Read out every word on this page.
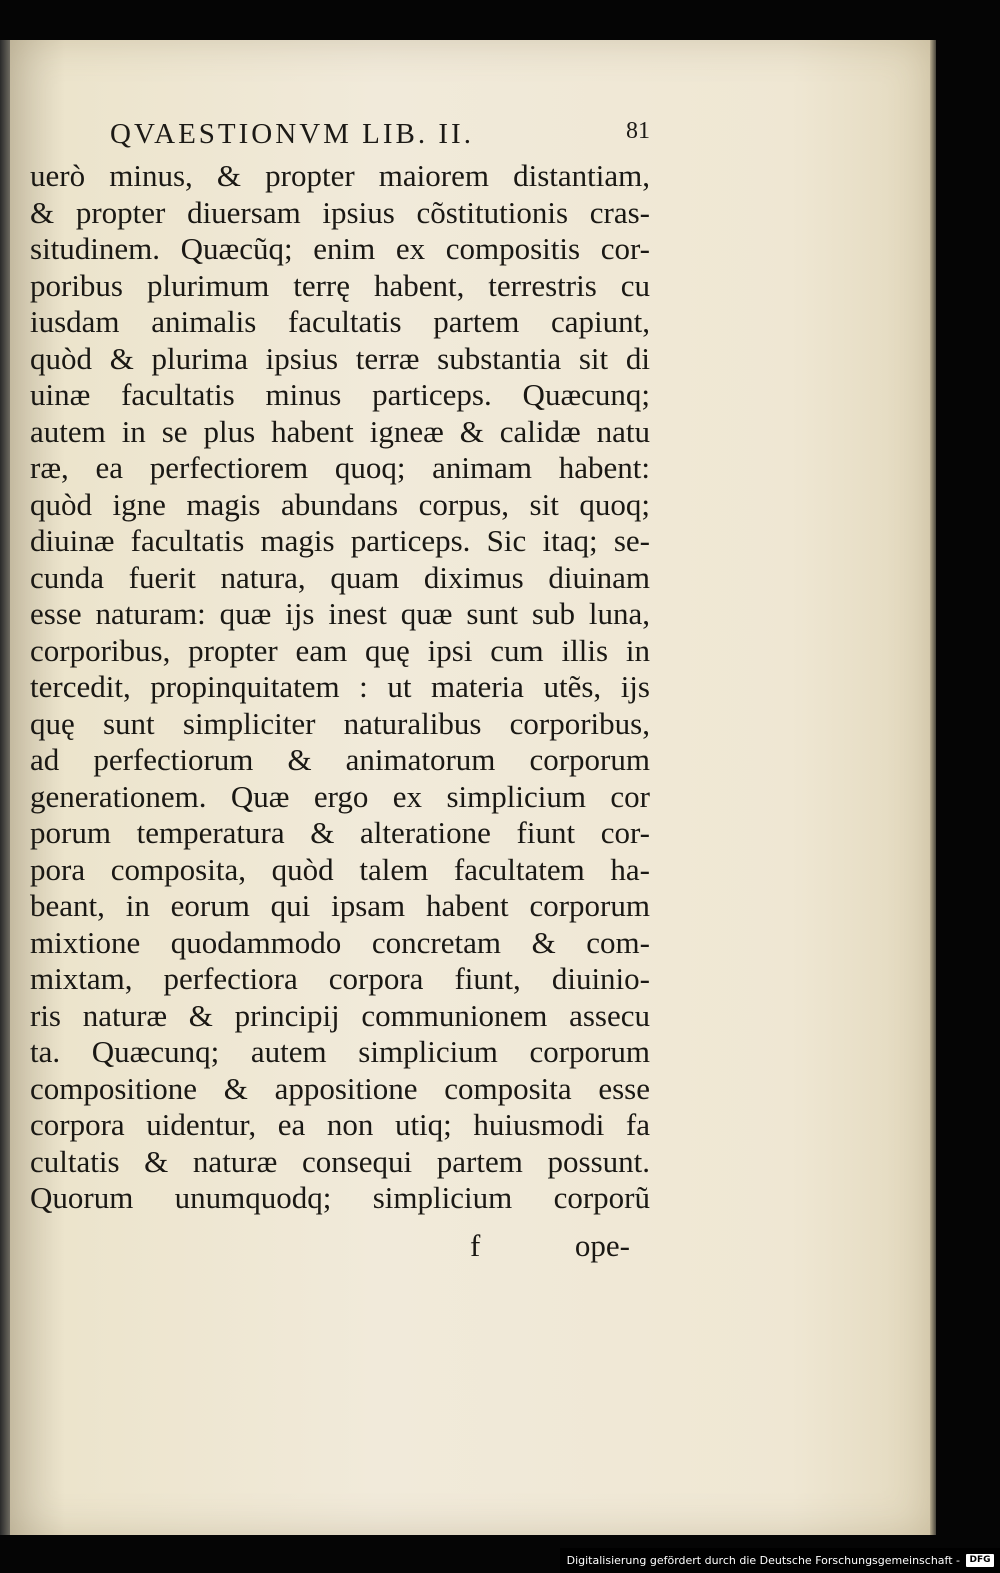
QVAESTIONVM LIB. II.	81
uerò minus, & propter maiorem distantiam,
& propter diuersam ipsius cõstitutionis cras-
situdinem. Quæcũq; enim ex compositis cor-
poribus plurimum terrę habent, terrestris cu
iusdam animalis facultatis partem capiunt,
quòd & plurima ipsius terræ substantia sit di
uinæ facultatis minus particeps. Quæcunq;
autem in se plus habent igneæ & calidæ natu
ræ, ea perfectiorem quoq; animam habent:
quòd igne magis abundans corpus, sit quoq;
diuinæ facultatis magis particeps. Sic itaq; se-
cunda fuerit natura, quam diximus diuinam
esse naturam: quæ ijs inest quæ sunt sub luna,
corporibus, propter eam quę ipsi cum illis in
tercedit, propinquitatem : ut materia utẽs, ijs
quę sunt simpliciter naturalibus corporibus,
ad perfectiorum & animatorum corporum
generationem. Quæ ergo ex simplicium cor
porum temperatura & alteratione fiunt cor-
pora composita, quòd talem facultatem ha-
beant, in eorum qui ipsam habent corporum
mixtione quodammodo concretam & com-
mixtam, perfectiora corpora fiunt, diuinio-
ris naturæ & principij communionem assecu
ta. Quæcunq; autem simplicium corporum
compositione & appositione composita esse
corpora uidentur, ea non utiq; huiusmodi fa
cultatis & naturæ consequi partem possunt.
Quorum unumquodq; simplicium corporũ
f	ope-
Digitalisierung gefördert durch die Deutsche Forschungsgemeinschaft -	DFG
